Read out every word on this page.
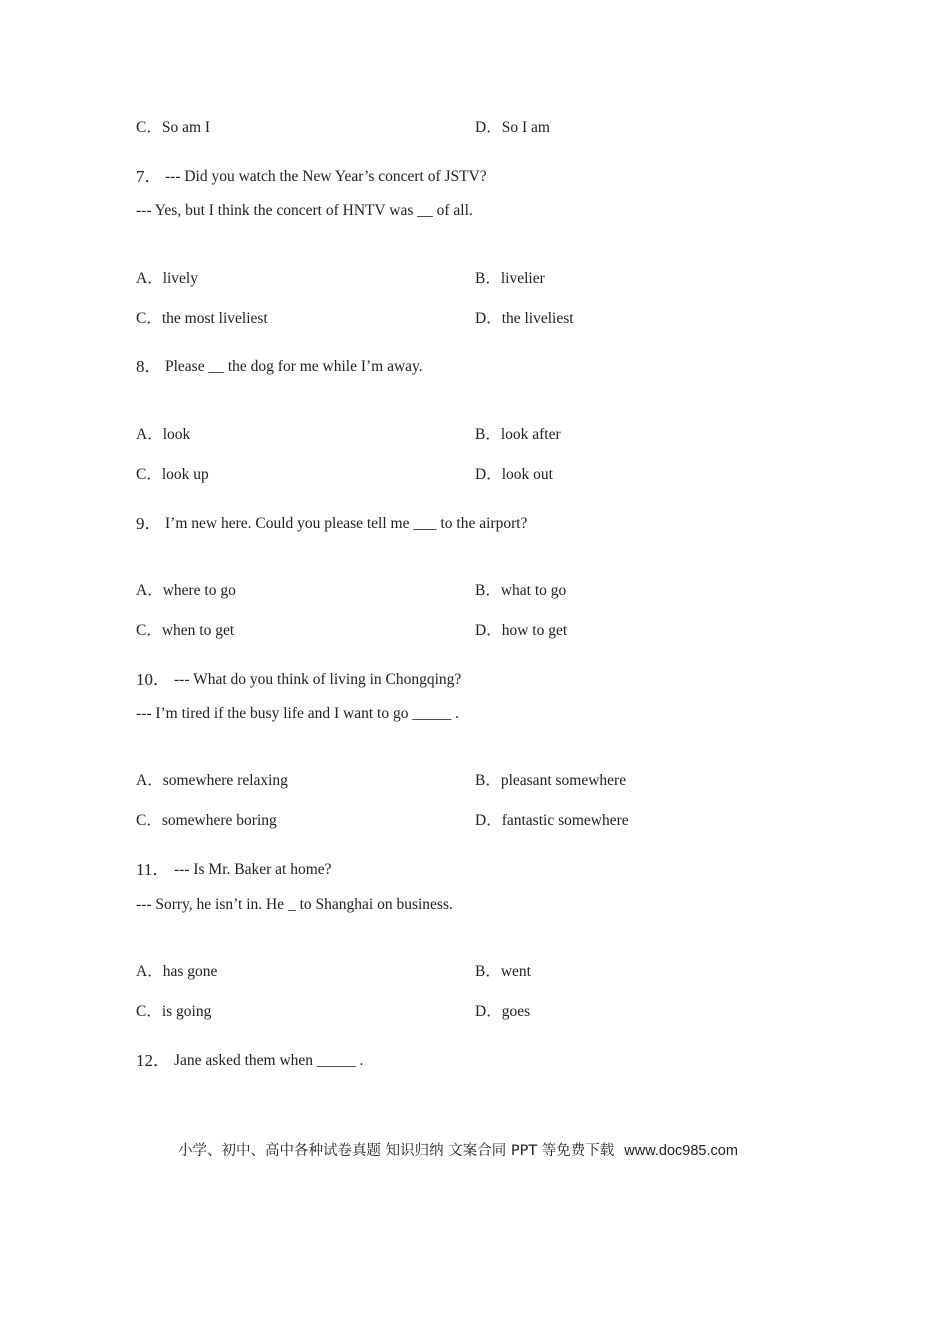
C．So am I	D．So I am
7． --- Did you watch the New Year’s concert of JSTV?
--- Yes, but I think the concert of HNTV was __ of all.
A．lively	B．livelier
C．the most liveliest	D．the liveliest
8． Please __ the dog for me while I’m away.
A．look	B．look after
C．look up	D．look out
9． I’m new here. Could you please tell me ___ to the airport?
A．where to go	B．what to go
C．when to get	D．how to get
10． --- What do you think of living in Chongqing?
--- I’m tired if the busy life and I want to go _____ .
A．somewhere relaxing	B．pleasant somewhere
C．somewhere boring	D．fantastic somewhere
11． --- Is Mr. Baker at home?
--- Sorry, he isn’t in. He _ to Shanghai on business.
A．has gone	B．went
C．is going	D．goes
12． Jane asked them when _____ .
小学、初中、高中各种试卷真题 知识归纳 文案合同 PPT 等免费下载 www.doc985.com
